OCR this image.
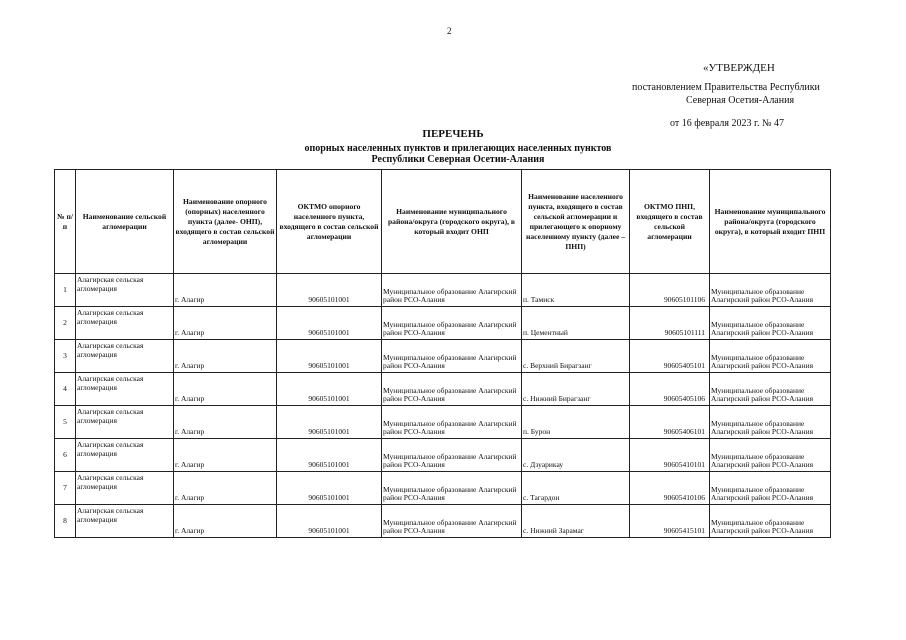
2
«УТВЕРЖДЕН
постановлением Правительства Республики
Северная Осетия-Алания
от 16 февраля 2023 г. № 47
ПЕРЕЧЕНЬ
опорных населенных пунктов и прилегающих населенных пунктов
Республики Северная Осетии-Алания
№ п/п	Наименование сельской агломерации	Наименование опорного (опорных) населенного пункта (далее- ОНП), входящего в состав сельской агломерации	ОКТМО опорного населенного пункта, входящего в состав сельской агломерации	Наименование муниципального района/округа (городского округа), в который входит ОНП	Наименование населенного пункта, входящего в состав сельской агломерации и прилегающего к опорному населенному пункту (далее – ПНП)	ОКТМО ПНП, входящего в состав сельской агломерации	Наименование муниципального района/округа (городского округа), в который входит ПНП
1	Алагирская сельская агломерация	г. Алагир	90605101001	Муниципальное образование Алагирский район РСО-Алания	п. Тамиск	90605101106	Муниципальное образование Алагирский район РСО-Алания
2	Алагирская сельская агломерация	г. Алагир	90605101001	Муниципальное образование Алагирский район РСО-Алания	п. Цементный	90605101111	Муниципальное образование Алагирский район РСО-Алания
3	Алагирская сельская агломерация	г. Алагир	90605101001	Муниципальное образование Алагирский район РСО-Алания	с. Верхний Бирагзанг	90605405101	Муниципальное образование Алагирский район РСО-Алания
4	Алагирская сельская агломерация	г. Алагир	90605101001	Муниципальное образование Алагирский район РСО-Алания	с. Нижний Бирагзанг	90605405106	Муниципальное образование Алагирский район РСО-Алания
5	Алагирская сельская агломерация	г. Алагир	90605101001	Муниципальное образование Алагирский район РСО-Алания	п. Бурон	90605406101	Муниципальное образование Алагирский район РСО-Алания
6	Алагирская сельская агломерация	г. Алагир	90605101001	Муниципальное образование Алагирский район РСО-Алания	с. Дзуарикау	90605410101	Муниципальное образование Алагирский район РСО-Алания
7	Алагирская сельская агломерация	г. Алагир	90605101001	Муниципальное образование Алагирский район РСО-Алания	с. Тагардон	90605410106	Муниципальное образование Алагирский район РСО-Алания
8	Алагирская сельская агломерация	г. Алагир	90605101001	Муниципальное образование Алагирский район РСО-Алания	с. Нижний Зарамаг	90605415101	Муниципальное образование Алагирский район РСО-Алания
